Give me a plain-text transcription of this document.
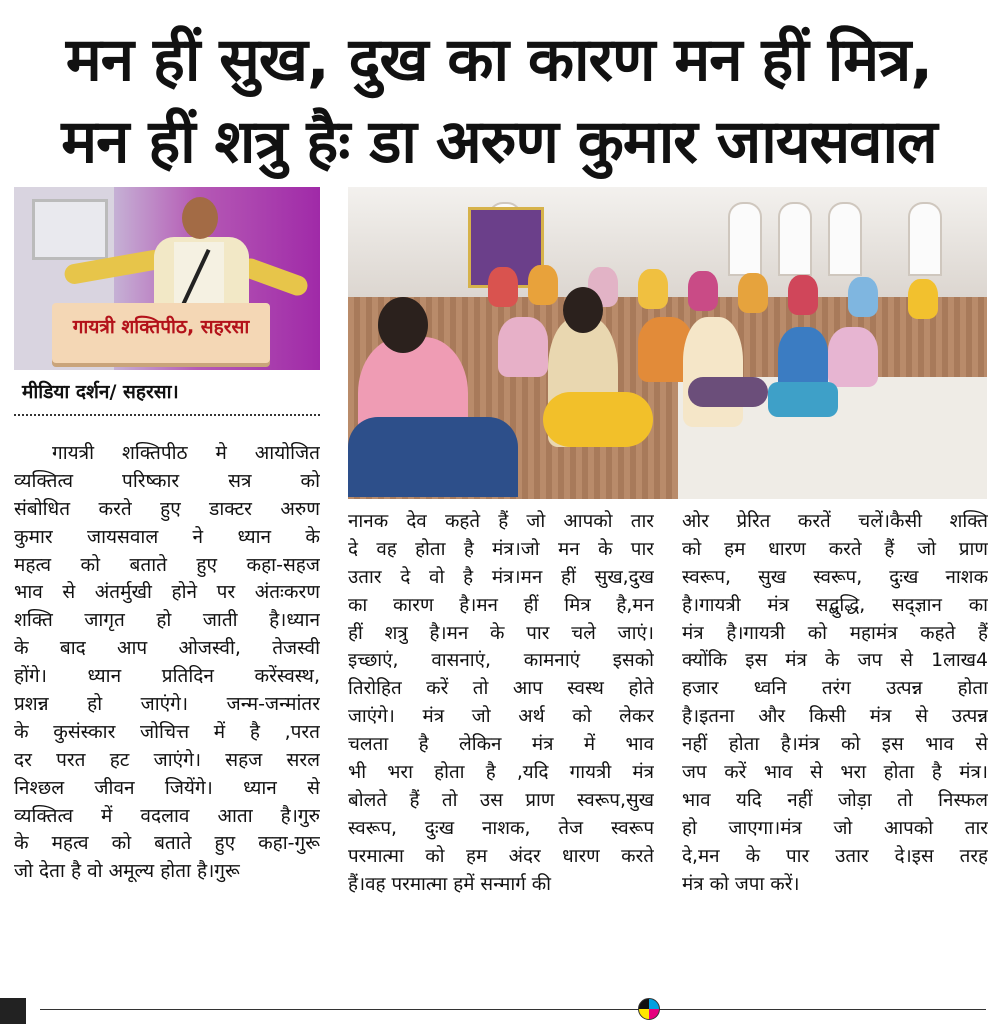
मन हीं सुख, दुख का कारण मन हीं मित्र,
मन हीं शत्रु हैः डा अरुण कुमार जायसवाल
गायत्री शक्तिपीठ, सहरसा
मीडिया दर्शन/ सहरसा।
गायत्री शक्तिपीठ मे आयोजित
व्यक्तित्व परिष्कार सत्र को
संबोधित करते हुए डाक्टर अरुण
कुमार जायसवाल ने ध्यान के
महत्व को बताते हुए कहा-सहज
भाव से अंतर्मुखी होने पर अंतःकरण
शक्ति जागृत हो जाती है।ध्यान
के बाद आप ओजस्वी, तेजस्वी
होंगे। ध्यान प्रतिदिन करेंस्वस्थ,
प्रशन्न हो जाएंगे। जन्म-जन्मांतर
के कुसंस्कार जोचित्त में है ,परत
दर परत हट जाएंगे। सहज सरल
निश्छल जीवन जियेंगे। ध्यान से
व्यक्तित्व में वदलाव आता है।गुरु
के महत्व को बताते हुए कहा-गुरू
जो देता है वो अमूल्य होता है।गुरू
नानक देव कहते हैं जो आपको तार
दे वह होता है मंत्र।जो मन के पार
उतार दे वो है मंत्र।मन हीं सुख,दुख
का कारण है।मन हीं मित्र है,मन
हीं शत्रु है।मन के पार चले जाएं।
इच्छाएं, वासनाएं, कामनाएं इसको
तिरोहित करें तो आप स्वस्थ होते
जाएंगे। मंत्र जो अर्थ को लेकर
चलता है लेकिन मंत्र में भाव
भी भरा होता है ,यदि गायत्री मंत्र
बोलते हैं तो उस प्राण स्वरूप,सुख
स्वरूप, दुःख नाशक, तेज स्वरूप
परमात्मा को हम अंदर धारण करते
हैं।वह परमात्मा हमें सन्मार्ग की
ओर प्रेरित करतें चलें।कैसी शक्ति
को हम धारण करते हैं जो प्राण
स्वरूप, सुख स्वरूप, दुःख नाशक
है।गायत्री मंत्र सद्बुद्धि, सद्ज्ञान का
मंत्र है।गायत्री को महामंत्र कहते हैं
क्योंकि इस मंत्र के जप से 1लाख4
हजार ध्वनि तरंग उत्पन्न होता
है।इतना और किसी मंत्र से उत्पन्न
नहीं होता है।मंत्र को इस भाव से
जप करें भाव से भरा होता है मंत्र।
भाव यदि नहीं जोड़ा तो निस्फल
हो जाएगा।मंत्र जो आपको तार
दे,मन के पार उतार दे।इस तरह
मंत्र को जपा करें।
